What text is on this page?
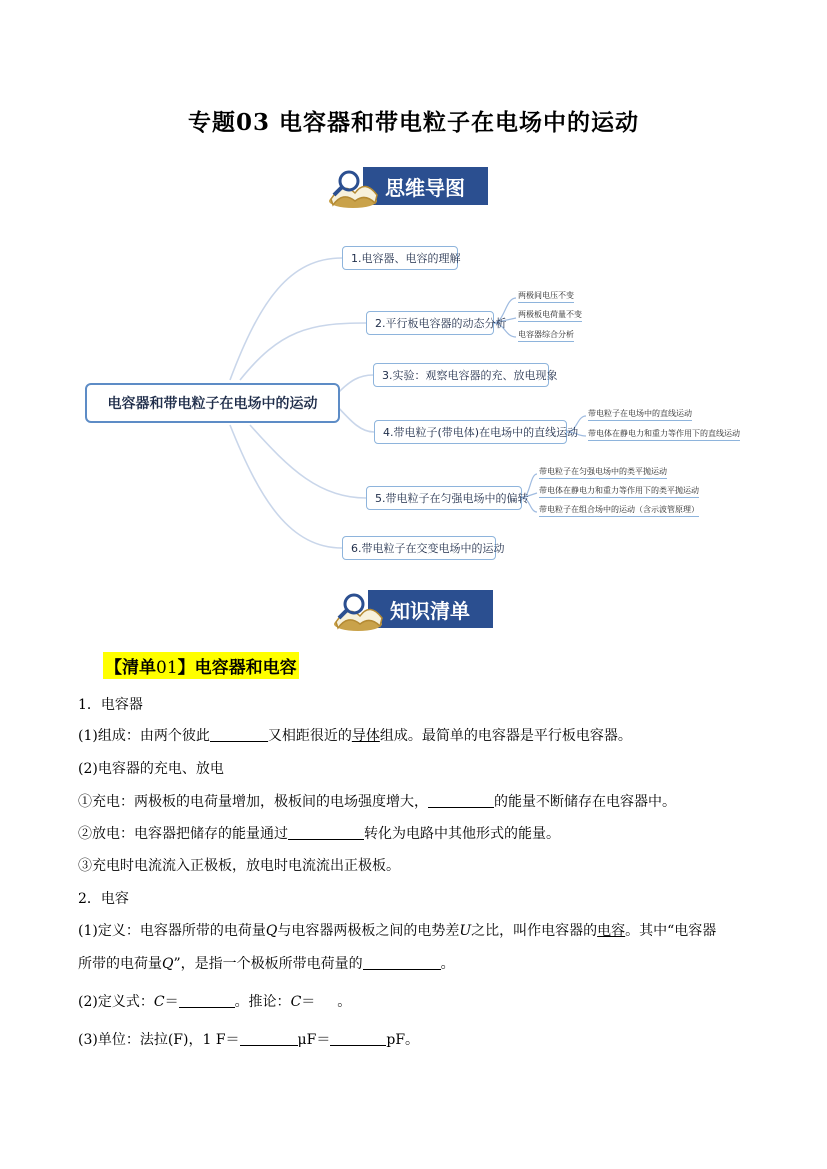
专题03 电容器和带电粒子在电场中的运动
思维导图
电容器和带电粒子在电场中的运动
1.电容器、电容的理解
2.平行板电容器的动态分析
3.实验：观察电容器的充、放电现象
4.带电粒子(带电体)在电场中的直线运动
5.带电粒子在匀强电场中的偏转
6.带电粒子在交变电场中的运动
两极间电压不变
两极板电荷量不变
电容器综合分析
带电粒子在电场中的直线运动
带电体在静电力和重力等作用下的直线运动
带电粒子在匀强电场中的类平抛运动
带电体在静电力和重力等作用下的类平抛运动
带电粒子在组合场中的运动（含示波管原理）
知识清单
【清单01】电容器和电容
1．电容器
(1)组成：由两个彼此	又相距很近的导体组成。最简单的电容器是平行板电容器。
(2)电容器的充电、放电
①充电：两极板的电荷量增加，极板间的电场强度增大，	的能量不断储存在电容器中。
②放电：电容器把储存的能量通过	转化为电路中其他形式的能量。
③充电时电流流入正极板，放电时电流流出正极板。
2．电容
(1)定义：电容器所带的电荷量Q与电容器两极板之间的电势差U之比，叫作电容器的电容。其中“电容器
所带的电荷量Q”，是指一个极板所带电荷量的	。
(2)定义式：C＝	。推论：C＝ 。
(3)单位：法拉(F)，1 F＝	μF＝	pF。
